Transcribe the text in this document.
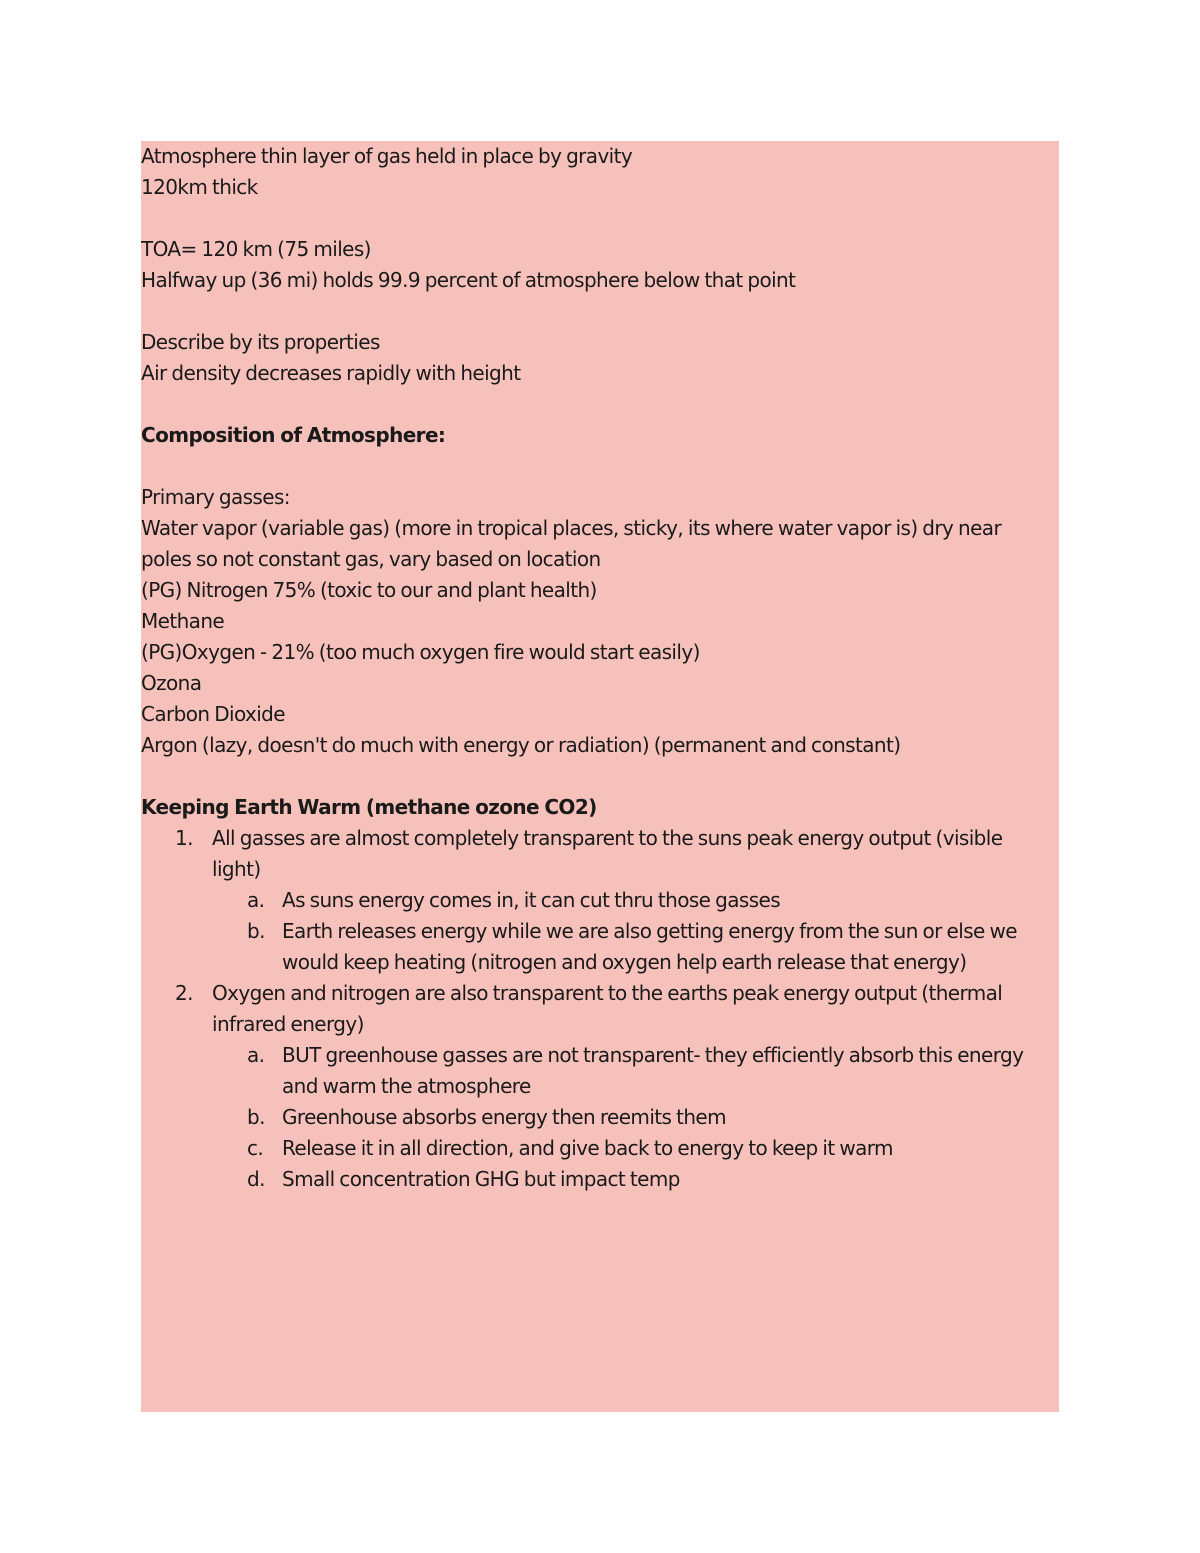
Atmosphere thin layer of gas held in place by gravity
120km thick
TOA= 120 km (75 miles)
Halfway up (36 mi) holds 99.9 percent of atmosphere below that point
Describe by its properties
Air density decreases rapidly with height
Composition of Atmosphere:
Primary gasses:
Water vapor (variable gas) (more in tropical places, sticky, its where water vapor is) dry near poles so not constant gas, vary based on location
(PG) Nitrogen 75% (toxic to our and plant health)
Methane
(PG)Oxygen - 21% (too much oxygen fire would start easily)
Ozona
Carbon Dioxide
Argon (lazy, doesn't do much with energy or radiation) (permanent and constant)
Keeping Earth Warm (methane ozone CO2)
1. All gasses are almost completely transparent to the suns peak energy output (visible light)
a. As suns energy comes in, it can cut thru those gasses
b. Earth releases energy while we are also getting energy from the sun or else we would keep heating (nitrogen and oxygen help earth release that energy)
2. Oxygen and nitrogen are also transparent to the earths peak energy output (thermal infrared energy)
a. BUT greenhouse gasses are not transparent- they efficiently absorb this energy and warm the atmosphere
b. Greenhouse absorbs energy then reemits them
c. Release it in all direction, and give back to energy to keep it warm
d. Small concentration GHG but impact temp
